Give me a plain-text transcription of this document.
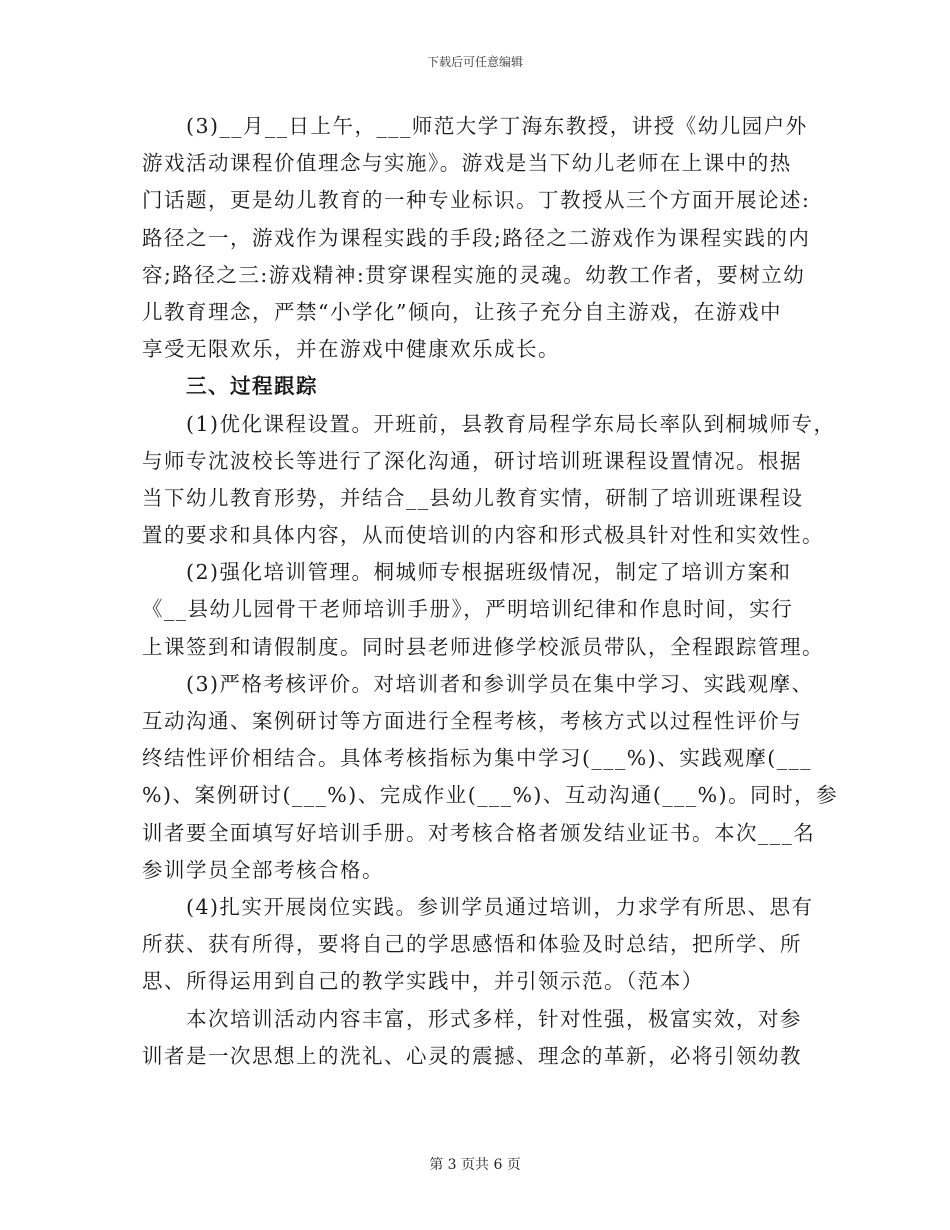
下载后可任意编辑
(3)__月__日上午，___师范大学丁海东教授，讲授《幼儿园户外
游戏活动课程价值理念与实施》。游戏是当下幼儿老师在上课中的热
门话题，更是幼儿教育的一种专业标识。丁教授从三个方面开展论述:
路径之一，游戏作为课程实践的手段;路径之二游戏作为课程实践的内
容;路径之三:游戏精神:贯穿课程实施的灵魂。幼教工作者，要树立幼
儿教育理念，严禁“小学化”倾向，让孩子充分自主游戏，在游戏中
享受无限欢乐，并在游戏中健康欢乐成长。
三、过程跟踪
(1)优化课程设置。开班前，县教育局程学东局长率队到桐城师专，
与师专沈波校长等进行了深化沟通，研讨培训班课程设置情况。根据
当下幼儿教育形势，并结合__县幼儿教育实情，研制了培训班课程设
置的要求和具体内容，从而使培训的内容和形式极具针对性和实效性。
(2)强化培训管理。桐城师专根据班级情况，制定了培训方案和
《__县幼儿园骨干老师培训手册》，严明培训纪律和作息时间，实行
上课签到和请假制度。同时县老师进修学校派员带队，全程跟踪管理。
(3)严格考核评价。对培训者和参训学员在集中学习、实践观摩、
互动沟通、案例研讨等方面进行全程考核，考核方式以过程性评价与
终结性评价相结合。具体考核指标为集中学习(___%)、实践观摩(___
%)、案例研讨(___%)、完成作业(___%)、互动沟通(___%)。同时，参
训者要全面填写好培训手册。对考核合格者颁发结业证书。本次___名
参训学员全部考核合格。
(4)扎实开展岗位实践。参训学员通过培训，力求学有所思、思有
所获、获有所得，要将自己的学思感悟和体验及时总结，把所学、所
思、所得运用到自己的教学实践中，并引领示范。（范本）
本次培训活动内容丰富，形式多样，针对性强，极富实效，对参
训者是一次思想上的洗礼、心灵的震撼、理念的革新，必将引领幼教
第 3 页共 6 页
